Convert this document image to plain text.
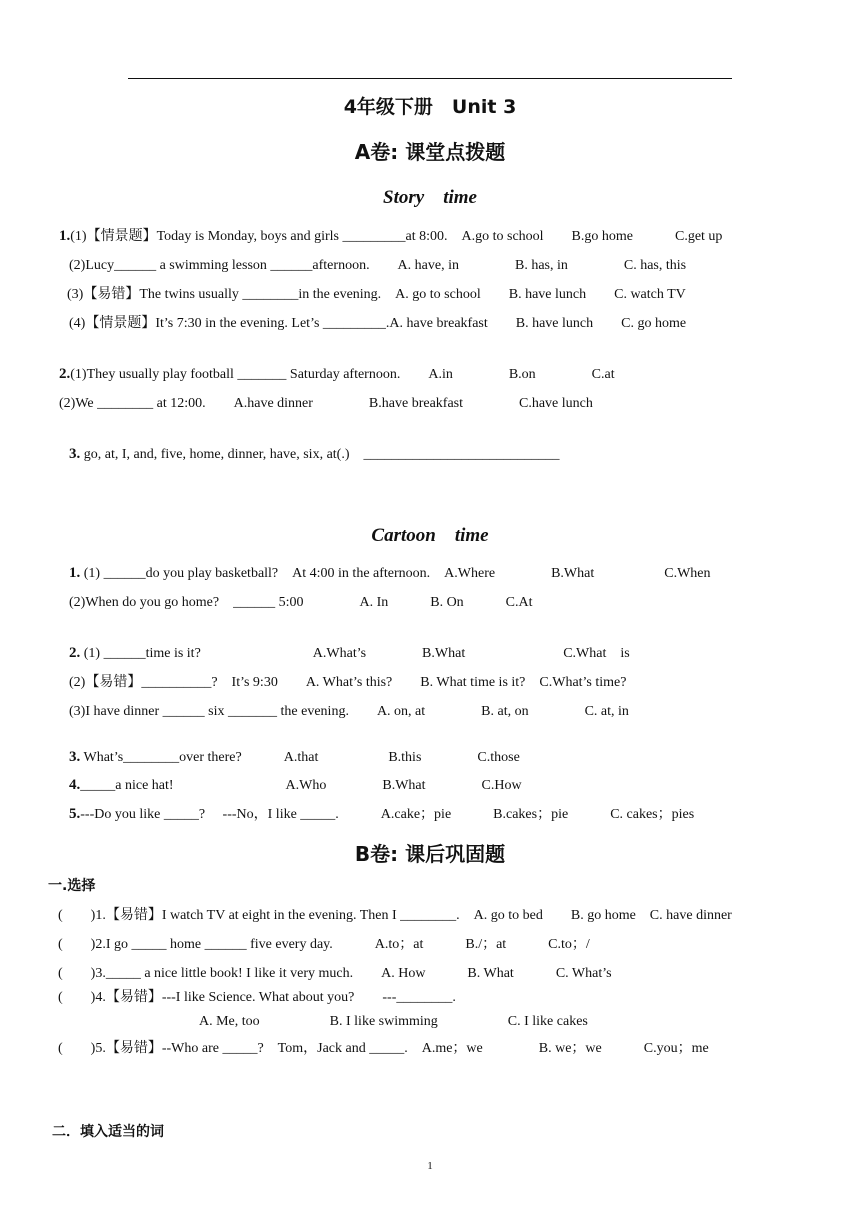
4年级下册　Unit 3
A卷: 课堂点拨题
Story　time
1.(1)【情景题】Today is Monday, boys and girls _________at 8:00.　A.go to school　　B.go home　　　C.get up
(2)Lucy______ a swimming lesson ______afternoon.　　A. have, in　　　　B. has, in　　　　C. has, this
(3)【易错】The twins usually ________in the evening.　A. go to school　　B. have lunch　　C. watch TV
(4)【情景题】It’s 7:30 in the evening. Let’s _________.A. have breakfast　　B. have lunch　　C. go home
2.(1)They usually play football _______ Saturday afternoon.　　A.in　　　　B.on　　　　C.at
(2)We ________ at 12:00.　　A.have dinner　　　　B.have breakfast　　　　C.have lunch
3. go, at, I, and, five, home, dinner, have, six, at(.)　____________________________
Cartoon　time
1. (1) ______do you play basketball?　At 4:00 in the afternoon.　A.Where　　　　B.What　　　　　C.When
(2)When do you go home?　______ 5:00　　　　A. In　　　B. On　　　C.At
2. (1) ______time is it?　　　　　　　　A.What’s　　　　B.What　　　　　　　C.What　is
(2)【易错】__________?　It’s 9:30　　A. What’s this?　　B. What time is it?　C.What’s time?
(3)I have dinner ______ six _______ the evening.　　A. on, at　　　　B. at, on　　　　C. at, in
3. What’s________over there?　　　A.that　　　　　B.this　　　　C.those
4._____a nice hat!　　　　　　　　A.Who　　　　B.What　　　　C.How
5.---Do you like _____?　 ---No，I like _____.　　　A.cake；pie　　　B.cakes；pie　　　C. cakes；pies
B卷: 课后巩固题
一.选择
(　　)1.【易错】I watch TV at eight in the evening. Then I ________.　A. go to bed　　B. go home　C. have dinner
(　　)2.I go _____ home ______ five every day.　　　A.to；at　　　B./；at　　　C.to；/
(　　)3._____ a nice little book! I like it very much.　　A. How　　　B. What　　　C. What’s
(　　)4.【易错】---I like Science. What about you?　　---________.
A. Me, too　　　　　B. I like swimming　　　　　C. I like cakes
(　　)5.【易错】--Who are _____?　Tom，Jack and _____.　A.me；we　　　　B. we；we　　　C.you；me
二．填入适当的词
1
